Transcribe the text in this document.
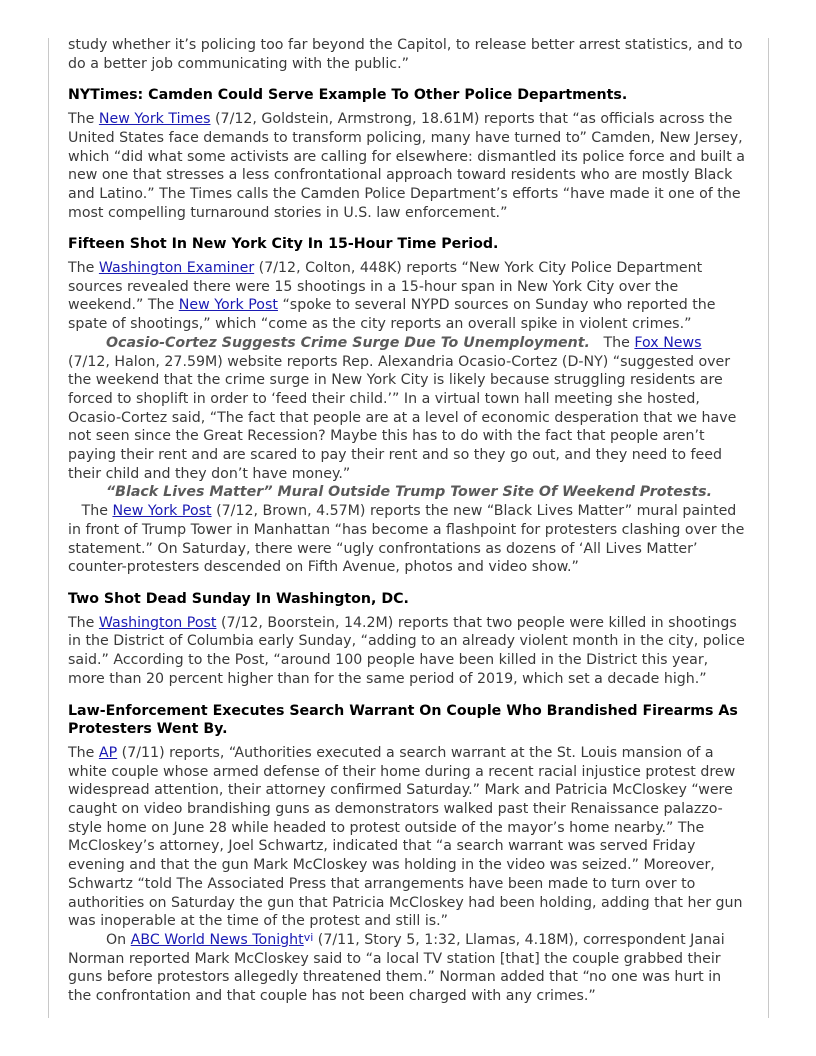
study whether it’s policing too far beyond the Capitol, to release better arrest statistics, and to do a better job communicating with the public.”

NYTimes: Camden Could Serve Example To Other Police Departments.

The New York Times (7/12, Goldstein, Armstrong, 18.61M) reports that “as officials across the United States face demands to transform policing, many have turned to” Camden, New Jersey, which “did what some activists are calling for elsewhere: dismantled its police force and built a new one that stresses a less confrontational approach toward residents who are mostly Black and Latino.” The Times calls the Camden Police Department’s efforts “have made it one of the most compelling turnaround stories in U.S. law enforcement.”

Fifteen Shot In New York City In 15-Hour Time Period.

The Washington Examiner (7/12, Colton, 448K) reports “New York City Police Department sources revealed there were 15 shootings in a 15-hour span in New York City over the weekend.” The New York Post “spoke to several NYPD sources on Sunday who reported the spate of shootings,” which “come as the city reports an overall spike in violent crimes.”

Ocasio-Cortez Suggests Crime Surge Due To Unemployment.   The Fox News (7/12, Halon, 27.59M) website reports Rep. Alexandria Ocasio-Cortez (D-NY) “suggested over the weekend that the crime surge in New York City is likely because struggling residents are forced to shoplift in order to ‘feed their child.’” In a virtual town hall meeting she hosted, Ocasio-Cortez said, “The fact that people are at a level of economic desperation that we have not seen since the Great Recession? Maybe this has to do with the fact that people aren’t paying their rent and are scared to pay their rent and so they go out, and they need to feed their child and they don’t have money.”

“Black Lives Matter” Mural Outside Trump Tower Site Of Weekend Protests.   The New York Post (7/12, Brown, 4.57M) reports the new “Black Lives Matter” mural painted in front of Trump Tower in Manhattan “has become a flashpoint for protesters clashing over the statement.” On Saturday, there were “ugly confrontations as dozens of ‘All Lives Matter’ counter-protesters descended on Fifth Avenue, photos and video show.”

Two Shot Dead Sunday In Washington, DC.

The Washington Post (7/12, Boorstein, 14.2M) reports that two people were killed in shootings in the District of Columbia early Sunday, “adding to an already violent month in the city, police said.” According to the Post, “around 100 people have been killed in the District this year, more than 20 percent higher than for the same period of 2019, which set a decade high.”

Law-Enforcement Executes Search Warrant On Couple Who Brandished Firearms As Protesters Went By.

The AP (7/11) reports, “Authorities executed a search warrant at the St. Louis mansion of a white couple whose armed defense of their home during a recent racial injustice protest drew widespread attention, their attorney confirmed Saturday.” Mark and Patricia McCloskey “were caught on video brandishing guns as demonstrators walked past their Renaissance palazzo-style home on June 28 while headed to protest outside of the mayor’s home nearby.” The McCloskey’s attorney, Joel Schwartz, indicated that “a search warrant was served Friday evening and that the gun Mark McCloskey was holding in the video was seized.” Moreover, Schwartz “told The Associated Press that arrangements have been made to turn over to authorities on Saturday the gun that Patricia McCloskey had been holding, adding that her gun was inoperable at the time of the protest and still is.”

On ABC World News Tonight$^{vi}$ (7/11, Story 5, 1:32, Llamas, 4.18M), correspondent Janai Norman reported Mark McCloskey said to “a local TV station [that] the couple grabbed their guns before protestors allegedly threatened them.” Norman added that “no one was hurt in the confrontation and that couple has not been charged with any crimes.”
